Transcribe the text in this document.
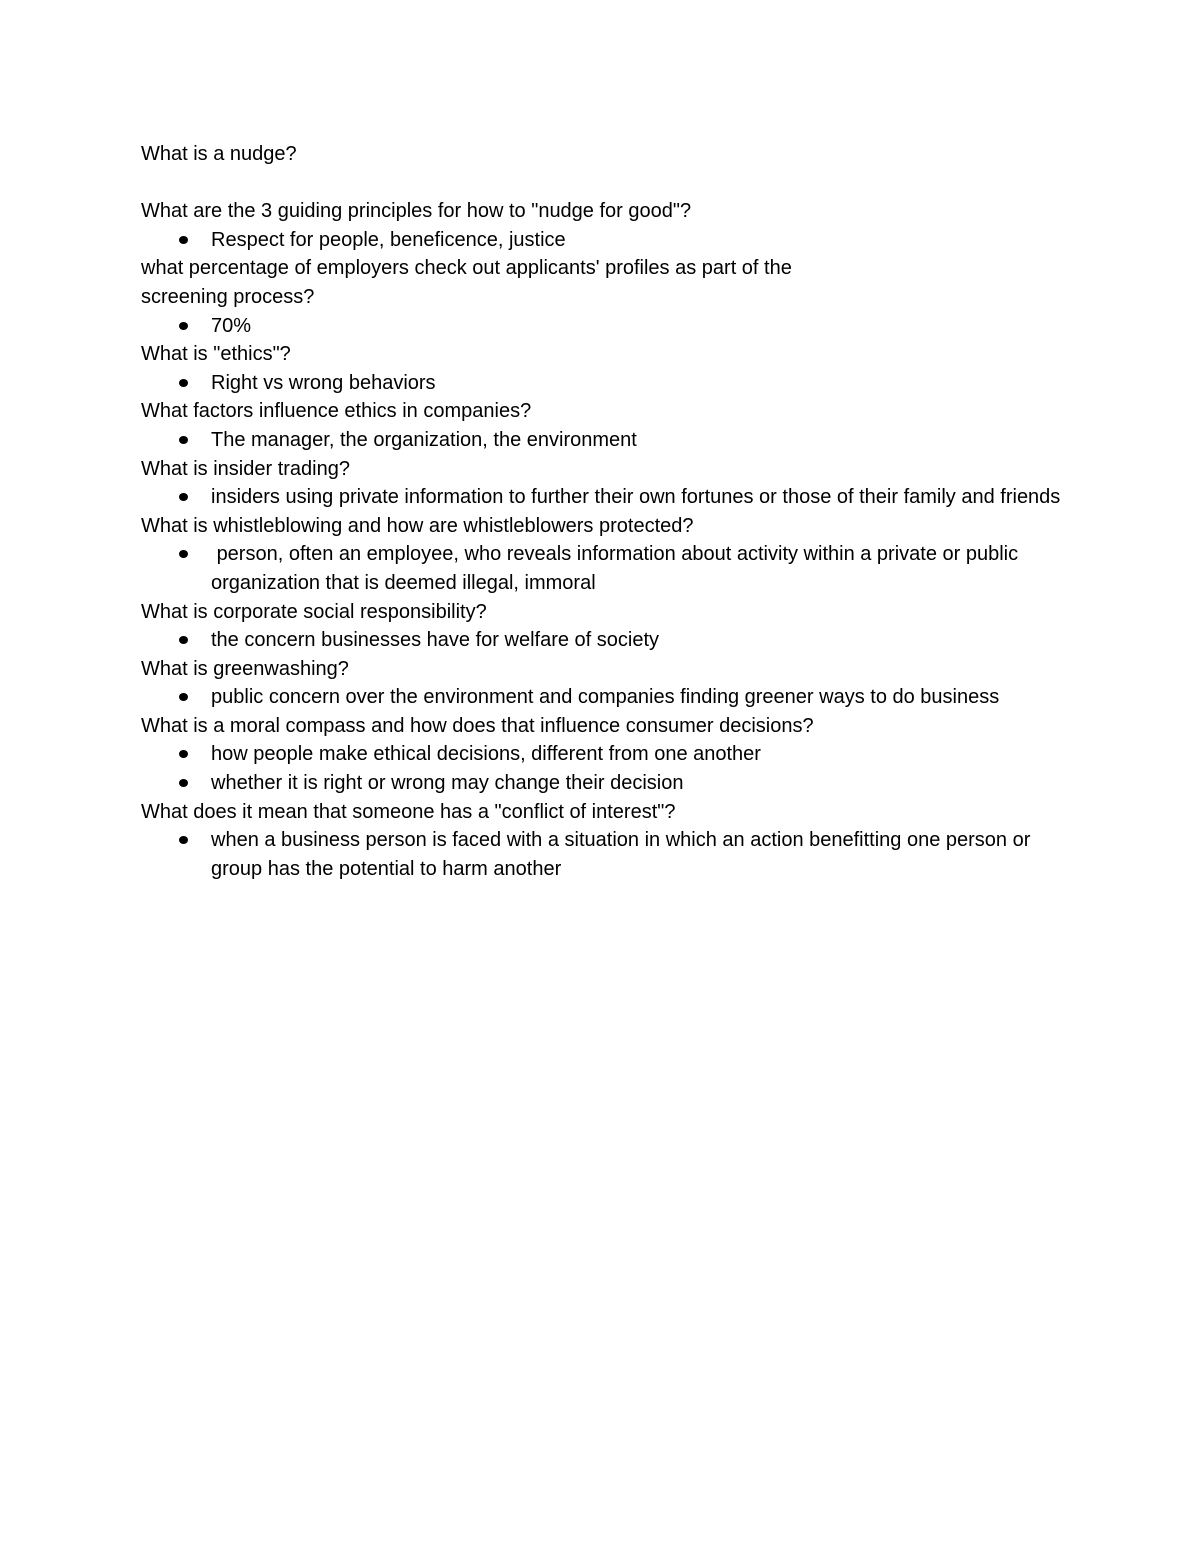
What is a nudge?

What are the 3 guiding principles for how to "nudge for good"?

Respect for people, beneficence, justice

what percentage of employers check out applicants' profiles as part of the

screening process?

70%

What is "ethics"?

Right vs wrong behaviors

What factors influence ethics in companies?

The manager, the organization, the environment

What is insider trading?

insiders using private information to further their own fortunes or those of their family and friends

What is whistleblowing and how are whistleblowers protected?

person, often an employee, who reveals information about activity within a private or public organization that is deemed illegal, immoral

What is corporate social responsibility?

the concern businesses have for welfare of society

What is greenwashing?

public concern over the environment and companies finding greener ways to do business

What is a moral compass and how does that influence consumer decisions?

how people make ethical decisions, different from one another
whether it is right or wrong may change their decision

What does it mean that someone has a "conflict of interest"?

when a business person is faced with a situation in which an action benefitting one person or group has the potential to harm another
